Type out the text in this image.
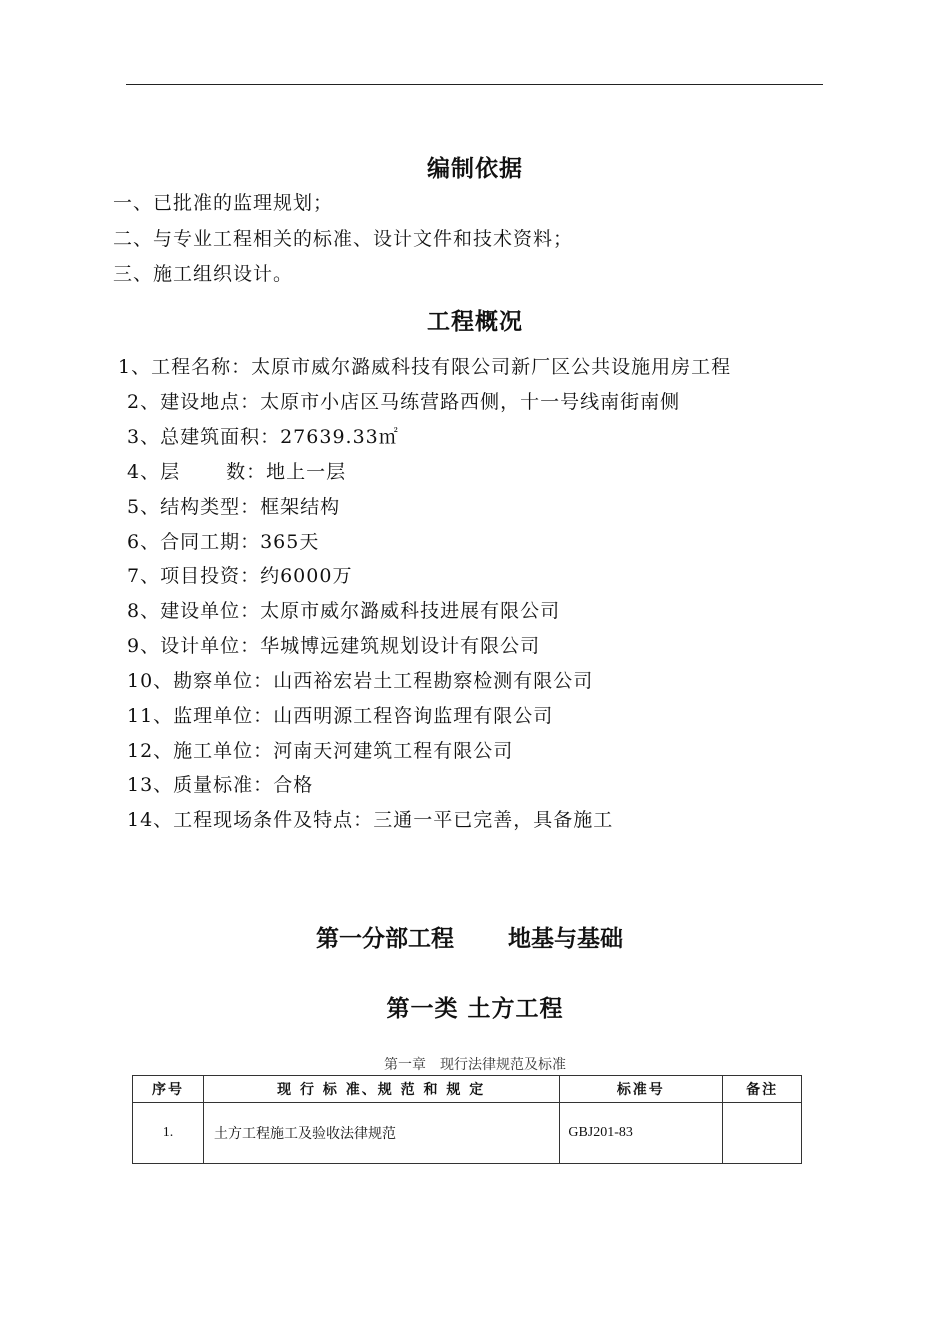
编制依据
一、已批准的监理规划；
二、与专业工程相关的标准、设计文件和技术资料；
三、施工组织设计。
工程概况
1、工程名称：太原市威尔潞威科技有限公司新厂区公共设施用房工程
2、建设地点：太原市小店区马练营路西侧，十一号线南街南侧
3、总建筑面积：27639.33㎡
4、层 数：地上一层
5、结构类型：框架结构
6、合同工期：365天
7、项目投资：约6000万
8、建设单位：太原市威尔潞威科技进展有限公司
9、设计单位：华城博远建筑规划设计有限公司
10、勘察单位：山西裕宏岩土工程勘察检测有限公司
11、监理单位：山西明源工程咨询监理有限公司
12、施工单位：河南天河建筑工程有限公司
13、质量标准：合格
14、工程现场条件及特点：三通一平已完善，具备施工
第一分部工程 地基与基础
第一类 土方工程
第一章　现行法律规范及标准
序号	现 行 标 准、规 范 和 规 定	标准号	备注
1.	土方工程施工及验收法律规范	GBJ201-83	
